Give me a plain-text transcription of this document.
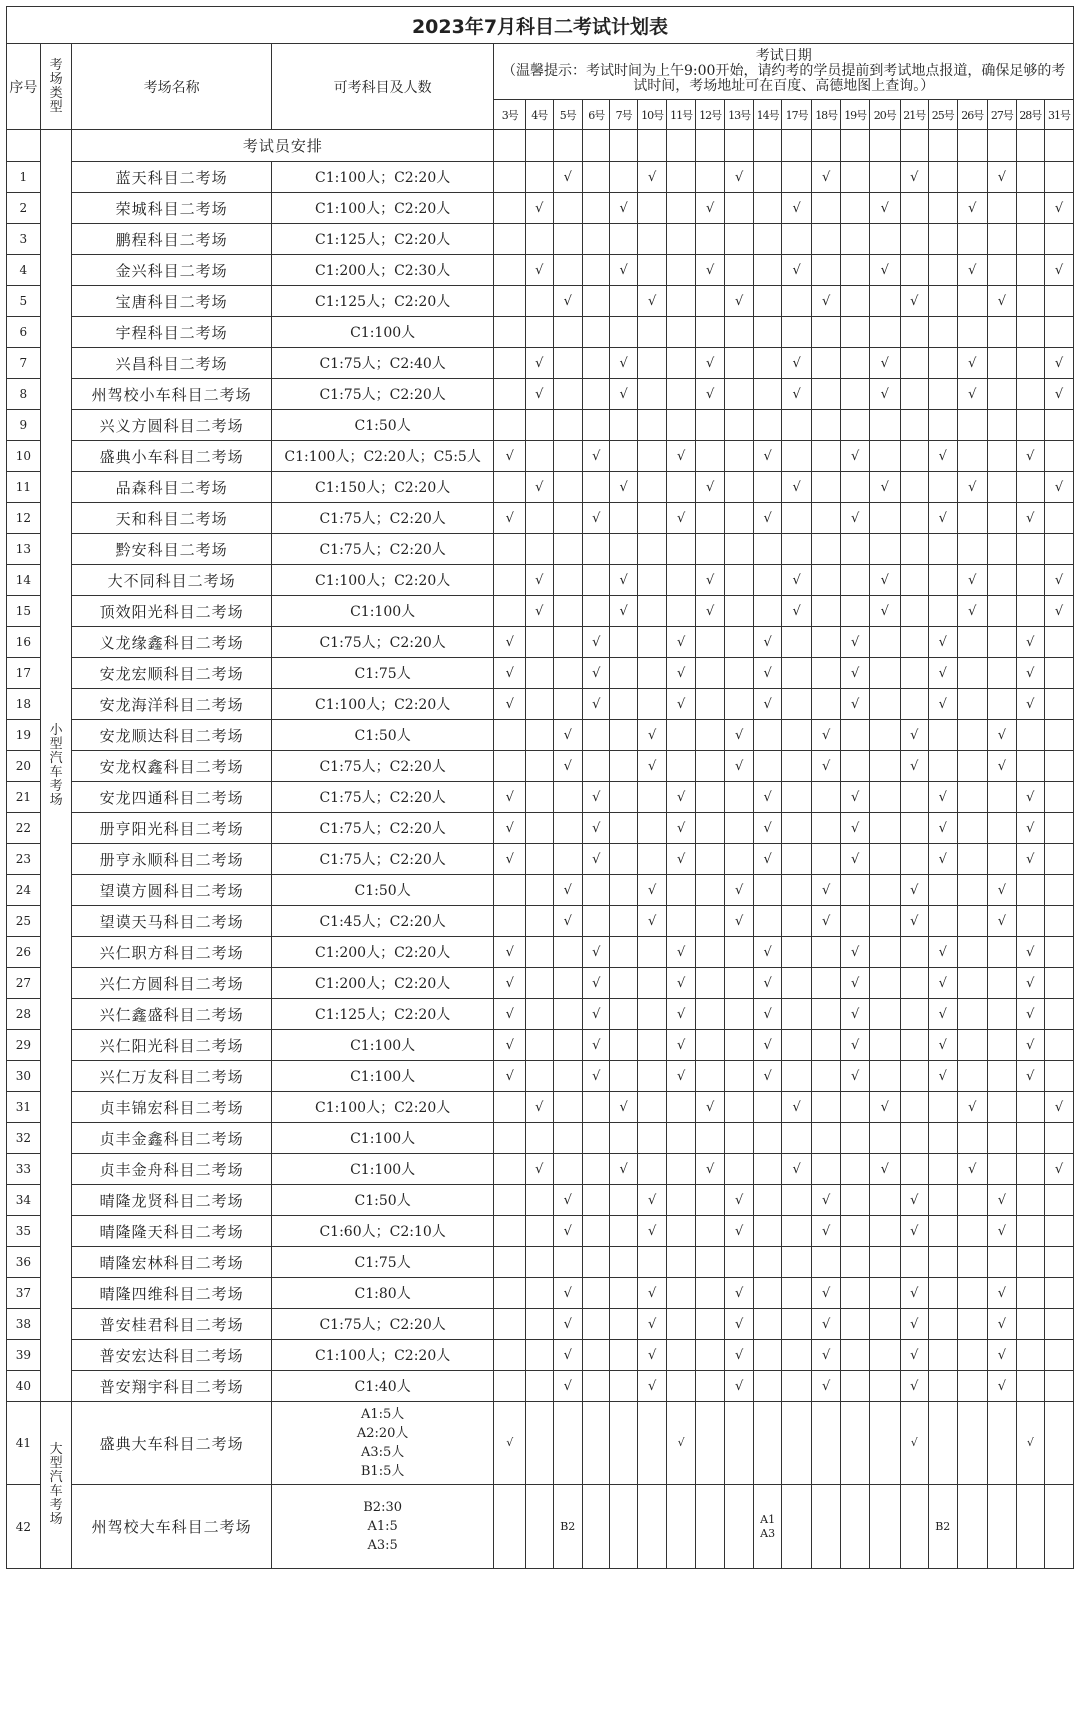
2023年7月科目二考试计划表																							
序号	考场类型	考场名称	可考科目及人数	考试日期
（温馨提示：考试时间为上午9:00开始，请约考的学员提前到考试地点报道，确保足够的考试时间，考场地址可在百度、高德地图上查询。）																			

				3号	4号	5号	6号	7号	10号	11号	12号	13号	14号	17号	18号	19号	20号	21号	25号	26号	27号	28号	31号

	小型汽车考场	考试员安排																					
1		蓝天科目二考场	C1:100人；C2:20人			√			√			√			√			√			√		
2		荣城科目二考场	C1:100人；C2:20人		√			√			√			√			√			√			√
3		鹏程科目二考场	C1:125人；C2:20人																				
4		金兴科目二考场	C1:200人；C2:30人		√			√			√			√			√			√			√
5		宝唐科目二考场	C1:125人；C2:20人			√			√			√			√			√			√		
6		宇程科目二考场	C1:100人																				
7		兴昌科目二考场	C1:75人；C2:40人		√			√			√			√			√			√			√
8		州驾校小车科目二考场	C1:75人；C2:20人		√			√			√			√			√			√			√
9		兴义方圆科目二考场	C1:50人																				
10		盛典小车科目二考场	C1:100人；C2:20人；C5:5人	√			√			√			√			√			√			√	
11		品森科目二考场	C1:150人；C2:20人		√			√			√			√			√			√			√
12		天和科目二考场	C1:75人；C2:20人	√			√			√			√			√			√			√	
13		黔安科目二考场	C1:75人；C2:20人																				
14		大不同科目二考场	C1:100人；C2:20人		√			√			√			√			√			√			√
15		顶效阳光科目二考场	C1:100人		√			√			√			√			√			√			√
16		义龙缘鑫科目二考场	C1:75人；C2:20人	√			√			√			√			√			√			√	
17		安龙宏顺科目二考场	C1:75人	√			√			√			√			√			√			√	
18		安龙海洋科目二考场	C1:100人；C2:20人	√			√			√			√			√			√			√	
19		安龙顺达科目二考场	C1:50人			√			√			√			√			√			√		
20		安龙权鑫科目二考场	C1:75人；C2:20人			√			√			√			√			√			√		
21		安龙四通科目二考场	C1:75人；C2:20人	√			√			√			√			√			√			√	
22		册亨阳光科目二考场	C1:75人；C2:20人	√			√			√			√			√			√			√	
23		册亨永顺科目二考场	C1:75人；C2:20人	√			√			√			√			√			√			√	
24		望谟方圆科目二考场	C1:50人			√			√			√			√			√			√		
25		望谟天马科目二考场	C1:45人；C2:20人			√			√			√			√			√			√		
26		兴仁职方科目二考场	C1:200人；C2:20人	√			√			√			√			√			√			√	
27		兴仁方圆科目二考场	C1:200人；C2:20人	√			√			√			√			√			√			√	
28		兴仁鑫盛科目二考场	C1:125人；C2:20人	√			√			√			√			√			√			√	
29		兴仁阳光科目二考场	C1:100人	√			√			√			√			√			√			√	
30		兴仁万友科目二考场	C1:100人	√			√			√			√			√			√			√	
31		贞丰锦宏科目二考场	C1:100人；C2:20人		√			√			√			√			√			√			√
32		贞丰金鑫科目二考场	C1:100人																				
33		贞丰金舟科目二考场	C1:100人		√			√			√			√			√			√			√
34		晴隆龙贤科目二考场	C1:50人			√			√			√			√			√			√		
35		晴隆隆天科目二考场	C1:60人；C2:10人			√			√			√			√			√			√		
36		晴隆宏林科目二考场	C1:75人																				
37		晴隆四维科目二考场	C1:80人			√			√			√			√			√			√		
38		普安桂君科目二考场	C1:75人；C2:20人			√			√			√			√			√			√		
39		普安宏达科目二考场	C1:100人；C2:20人			√			√			√			√			√			√		
40		普安翔宇科目二考场	C1:40人			√			√			√			√			√			√		
41	大型汽车考场	盛典大车科目二考场	A1:5人
A2:20人
A3:5人
B1:5人	√						√								√				√	
42		州驾校大车科目二考场	B2:30
A1:5
A3:5			B2							A1 A3						B2				
